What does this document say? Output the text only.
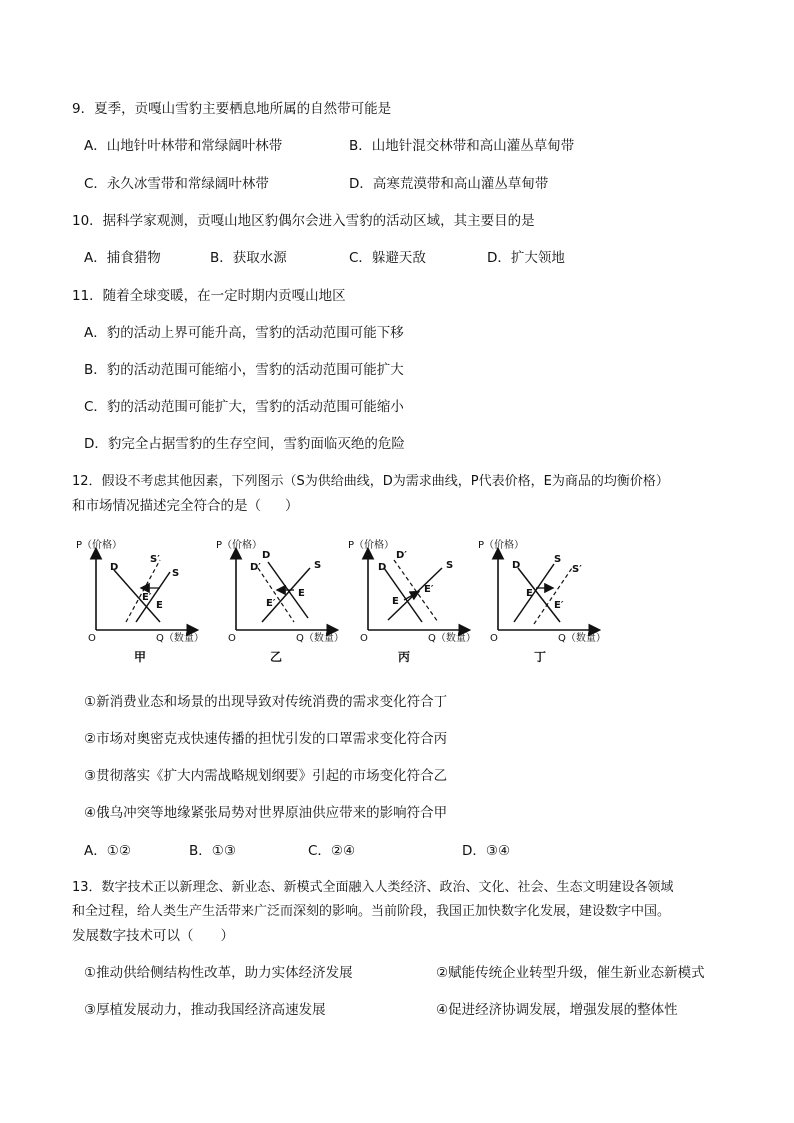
9．夏季，贡嘎山雪豹主要栖息地所属的自然带可能是
A．山地针叶林带和常绿阔叶林带	B．山地针混交林带和高山灌丛草甸带
C．永久冰雪带和常绿阔叶林带	D．高寒荒漠带和高山灌丛草甸带
10．据科学家观测，贡嘎山地区豹偶尔会进入雪豹的活动区域，其主要目的是
A．捕食猎物	B．获取水源	C．躲避天敌	D．扩大领地
11．随着全球变暖，在一定时期内贡嘎山地区
A．豹的活动上界可能升高，雪豹的活动范围可能下移
B．豹的活动范围可能缩小，雪豹的活动范围可能扩大
C．豹的活动范围可能扩大，雪豹的活动范围可能缩小
D．豹完全占据雪豹的生存空间，雪豹面临灭绝的危险
12．假设不考虑其他因素，下列图示（S为供给曲线，D为需求曲线，P代表价格，E为商品的均衡价格）
和市场情况描述完全符合的是（ ）
P（价格）
O	Q（数量）
D
S′
S
E′
E
甲
P（价格）
O	Q（数量）
D′
D
S
E′
E
乙
P（价格）
O	Q（数量）
D′
D	S
E′
E
丙
P（价格）
O	Q（数量）
D
S
S′
E
E′
丁
①新消费业态和场景的出现导致对传统消费的需求变化符合丁
②市场对奥密克戎快速传播的担忧引发的口罩需求变化符合丙
③贯彻落实《扩大内需战略规划纲要》引起的市场变化符合乙
④俄乌冲突等地缘紧张局势对世界原油供应带来的影响符合甲
A．①②	B．①③	C．②④	D．③④
13．数字技术正以新理念、新业态、新模式全面融入人类经济、政治、文化、社会、生态文明建设各领域
和全过程，给人类生产生活带来广泛而深刻的影响。当前阶段，我国正加快数字化发展，建设数字中国。
发展数字技术可以（　　）
①推动供给侧结构性改革，助力实体经济发展	②赋能传统企业转型升级，催生新业态新模式
③厚植发展动力，推动我国经济高速发展	④促进经济协调发展，增强发展的整体性
